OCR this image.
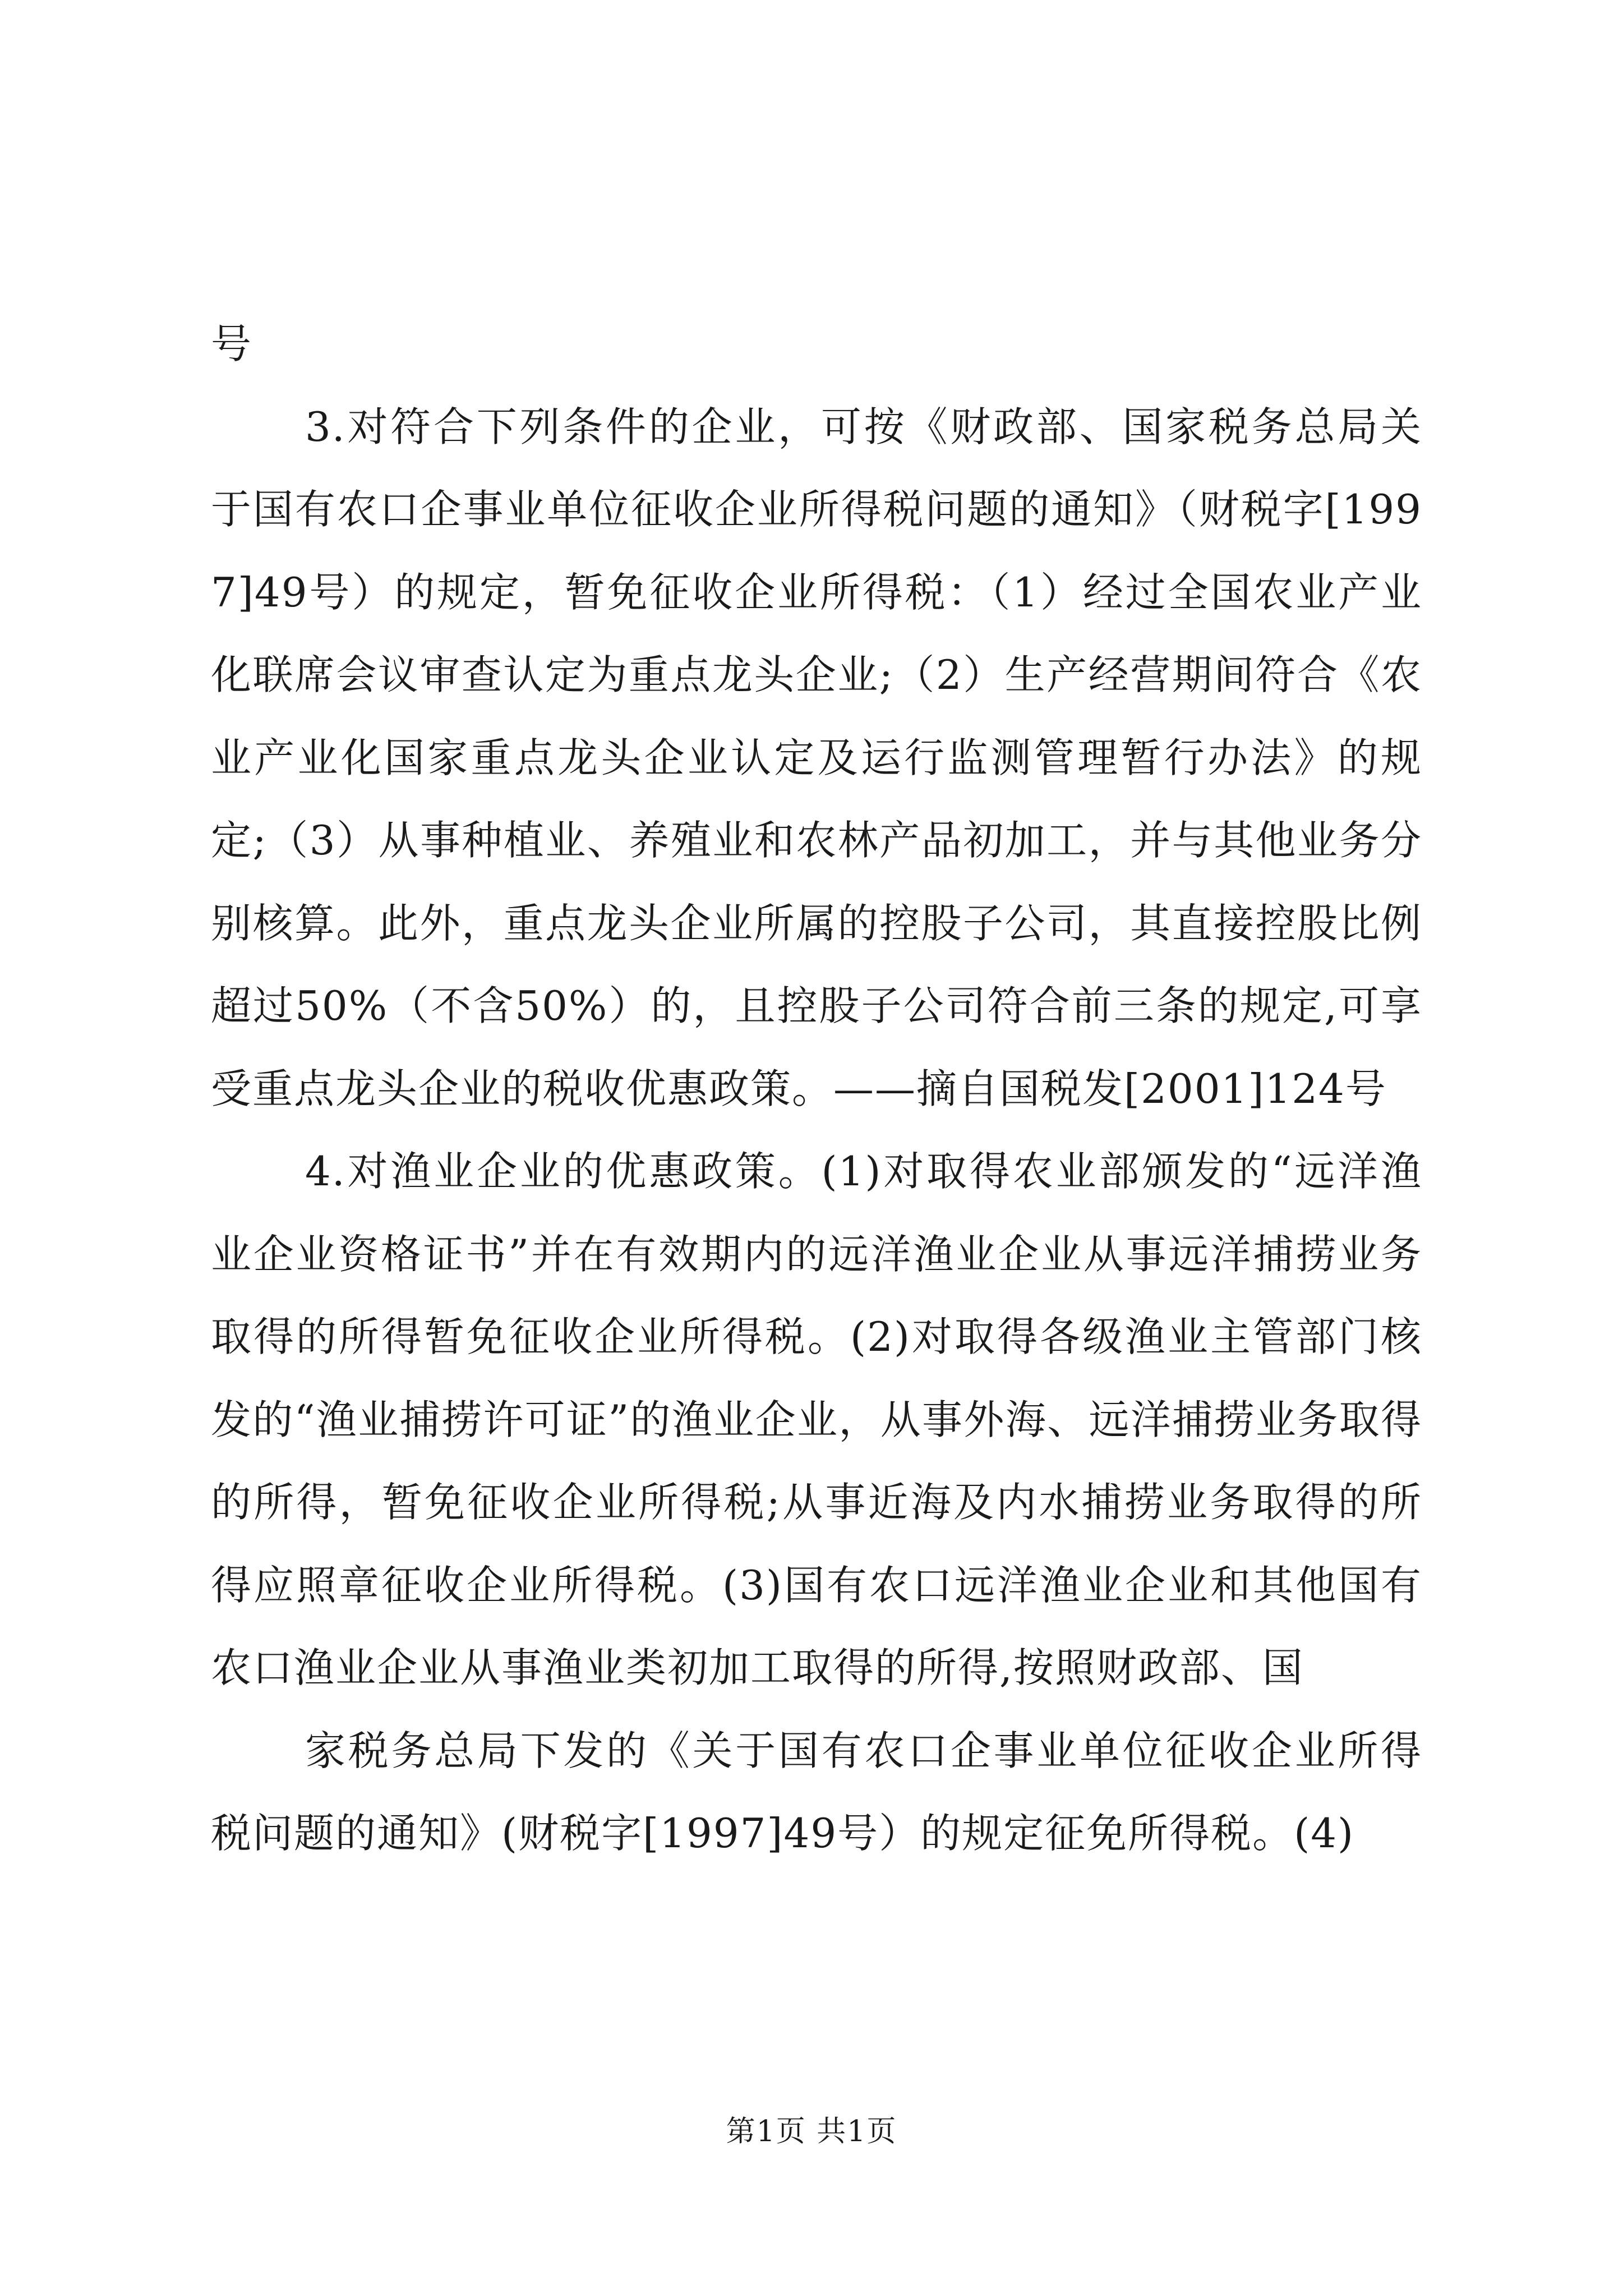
号

3.对符合下列条件的企业，可按《财政部、国家税务总局关于国有农口企事业单位征收企业所得税问题的通知》（财税字[1997]49号）的规定，暂免征收企业所得税：（1）经过全国农业产业化联席会议审查认定为重点龙头企业;（2）生产经营期间符合《农业产业化国家重点龙头企业认定及运行监测管理暂行办法》的规定;（3）从事种植业、养殖业和农林产品初加工，并与其他业务分别核算。此外，重点龙头企业所属的控股子公司，其直接控股比例超过50%（不含50%）的，且控股子公司符合前三条的规定,可享受重点龙头企业的税收优惠政策。——摘自国税发[2001]124号

4.对渔业企业的优惠政策。(1)对取得农业部颁发的“远洋渔业企业资格证书”并在有效期内的远洋渔业企业从事远洋捕捞业务取得的所得暂免征收企业所得税。(2)对取得各级渔业主管部门核发的“渔业捕捞许可证”的渔业企业，从事外海、远洋捕捞业务取得的所得，暂免征收企业所得税;从事近海及内水捕捞业务取得的所得应照章征收企业所得税。(3)国有农口远洋渔业企业和其他国有农口渔业企业从事渔业类初加工取得的所得,按照财政部、国

家税务总局下发的《关于国有农口企事业单位征收企业所得税问题的通知》(财税字[1997]49号）的规定征免所得税。(4)

第1页 共1页
